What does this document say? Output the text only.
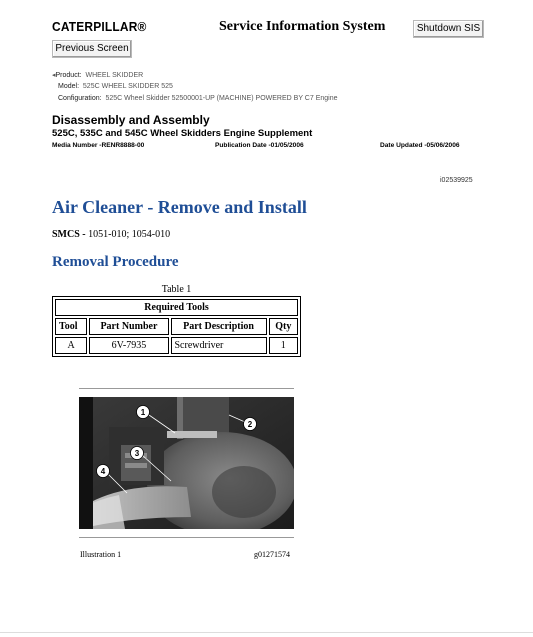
CATERPILLAR®	Service Information System	Shutdown SIS
Previous Screen
◂Product: WHEEL SKIDDER
Model: 525C WHEEL SKIDDER 525
Configuration: 525C Wheel Skidder 52500001-UP (MACHINE) POWERED BY C7 Engine
Disassembly and Assembly
525C, 535C and 545C Wheel Skidders Engine Supplement
Media Number -RENR8888-00	Publication Date -01/05/2006	Date Updated -05/06/2006
i02539925
Air Cleaner - Remove and Install
SMCS - 1051-010; 1054-010
Removal Procedure
Table 1
Required Tools			
Tool	Part Number	Part Description	Qty
A	6V-7935	Screwdriver	1
1
2
3
4
Illustration 1	g01271574
